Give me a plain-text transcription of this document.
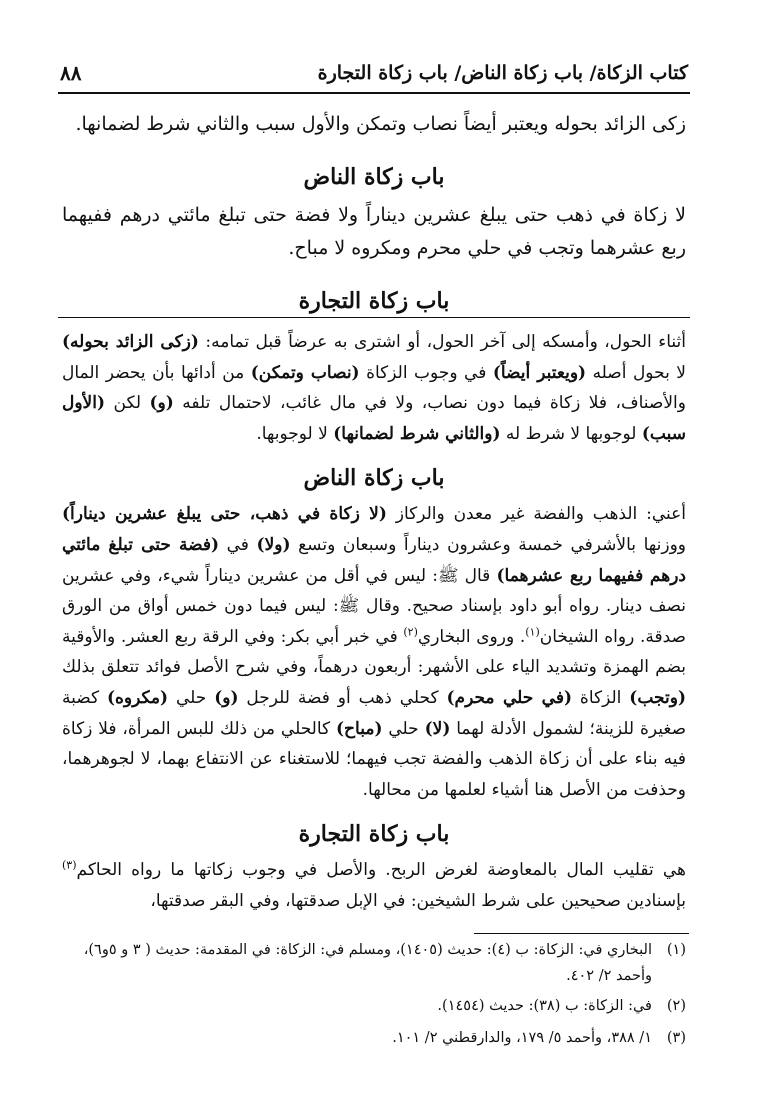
كتاب الزكاة/ باب زكاة الناض/ باب زكاة التجارة
٨٨

زكى الزائد بحوله ويعتبر أيضاً نصاب وتمكن والأول سبب والثاني شرط لضمانها.

باب زكاة الناض

لا زكاة في ذهب حتى يبلغ عشرين ديناراً ولا فضة حتى تبلغ مائتي درهم ففيهما ربع عشرهما وتجب في حلي محرم ومكروه لا مباح.

باب زكاة التجارة

أثناء الحول، وأمسكه إلى آخر الحول، أو اشترى به عرضاً قبل تمامه: (زكى الزائد بحوله) لا بحول أصله (ويعتبر أيضاً) في وجوب الزكاة (نصاب وتمكن) من أدائها بأن يحضر المال والأصناف، فلا زكاة فيما دون نصاب، ولا في مال غائب، لاحتمال تلفه (و) لكن (الأول سبب) لوجوبها لا شرط له (والثاني شرط لضمانها) لا لوجوبها.

باب زكاة الناض

أعني: الذهب والفضة غير معدن والركاز (لا زكاة في ذهب، حتى يبلغ عشرين ديناراً) ووزنها بالأشرفي خمسة وعشرون ديناراً وسبعان وتسع (ولا) في (فضة حتى تبلغ مائتي درهم ففيهما ربع عشرهما) قال ﷺ: ليس في أقل من عشرين ديناراً شيء، وفي عشرين نصف دينار. رواه أبو داود بإسناد صحيح. وقال ﷺ: ليس فيما دون خمس أواق من الورق صدقة. رواه الشيخان$^{(١)}$. وروى البخاري$^{(٢)}$ في خبر أبي بكر: وفي الرقة ربع العشر. والأوقية بضم الهمزة وتشديد الياء على الأشهر: أربعون درهماً، وفي شرح الأصل فوائد تتعلق بذلك (وتجب) الزكاة (في حلي محرم) كحلي ذهب أو فضة للرجل (و) حلي (مكروه) كضبة صغيرة للزينة؛ لشمول الأدلة لهما (لا) حلي (مباح) كالحلي من ذلك للبس المرأة، فلا زكاة فيه بناء على أن زكاة الذهب والفضة تجب فيهما؛ للاستغناء عن الانتفاع بهما، لا لجوهرهما، وحذفت من الأصل هنا أشياء لعلمها من محالها.

باب زكاة التجارة

هي تقليب المال بالمعاوضة لغرض الربح. والأصل في وجوب زكاتها ما رواه الحاكم$^{(٣)}$ بإسنادين صحيحين على شرط الشيخين: في الإبل صدقتها، وفي البقر صدقتها،

(١)
البخاري في: الزكاة: ب (٤): حديث (١٤٠٥)، ومسلم في: الزكاة: في المقدمة: حديث ( ٣ و ٥و٦)، وأحمد ٢/ ٤٠٢.
(٢)
في: الزكاة: ب (٣٨): حديث (١٤٥٤).
(٣)
١/ ٣٨٨، وأحمد ٥/ ١٧٩، والدارقطني ٢/ ١٠١.
